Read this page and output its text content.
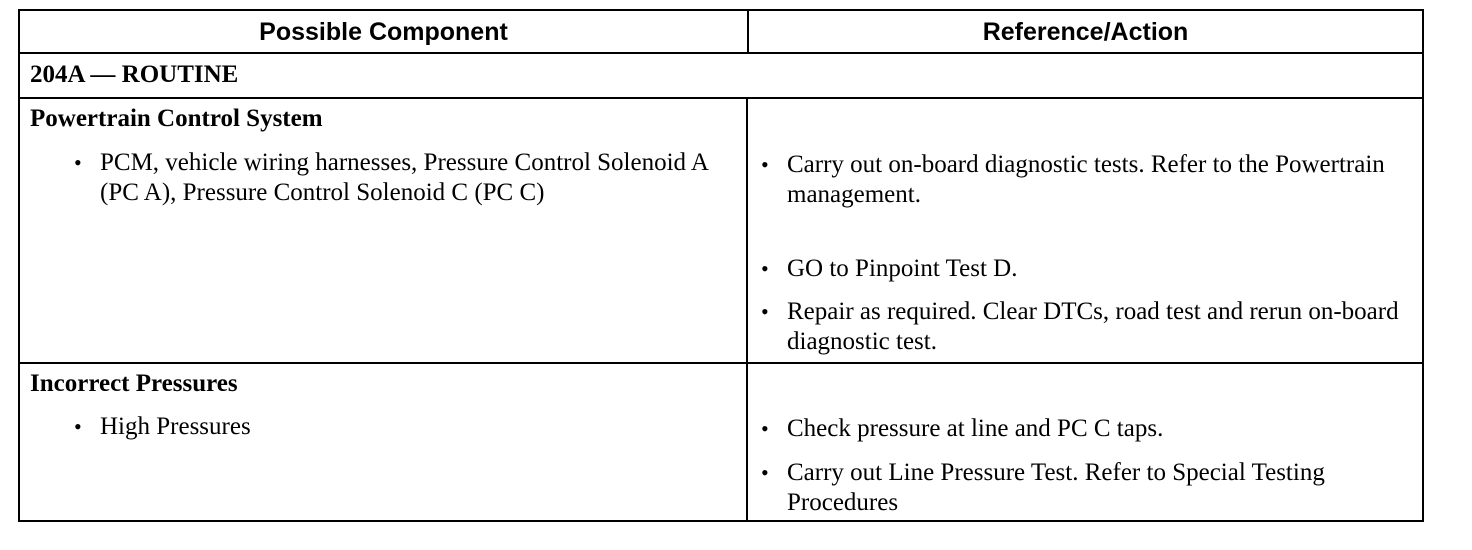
Possible Component	Reference/Action
204A — ROUTINE
Powertrain Control System
• PCM, vehicle wiring harnesses, Pressure Control Solenoid A (PC A), Pressure Control Solenoid C (PC C)
• Carry out on-board diagnostic tests. Refer to the Powertrain management.
• GO to Pinpoint Test D.
• Repair as required. Clear DTCs, road test and rerun on-board diagnostic test.
Incorrect Pressures
• High Pressures
•	Check pressure at line and PC C taps.
• Carry out Line Pressure Test. Refer to Special Testing Procedures
